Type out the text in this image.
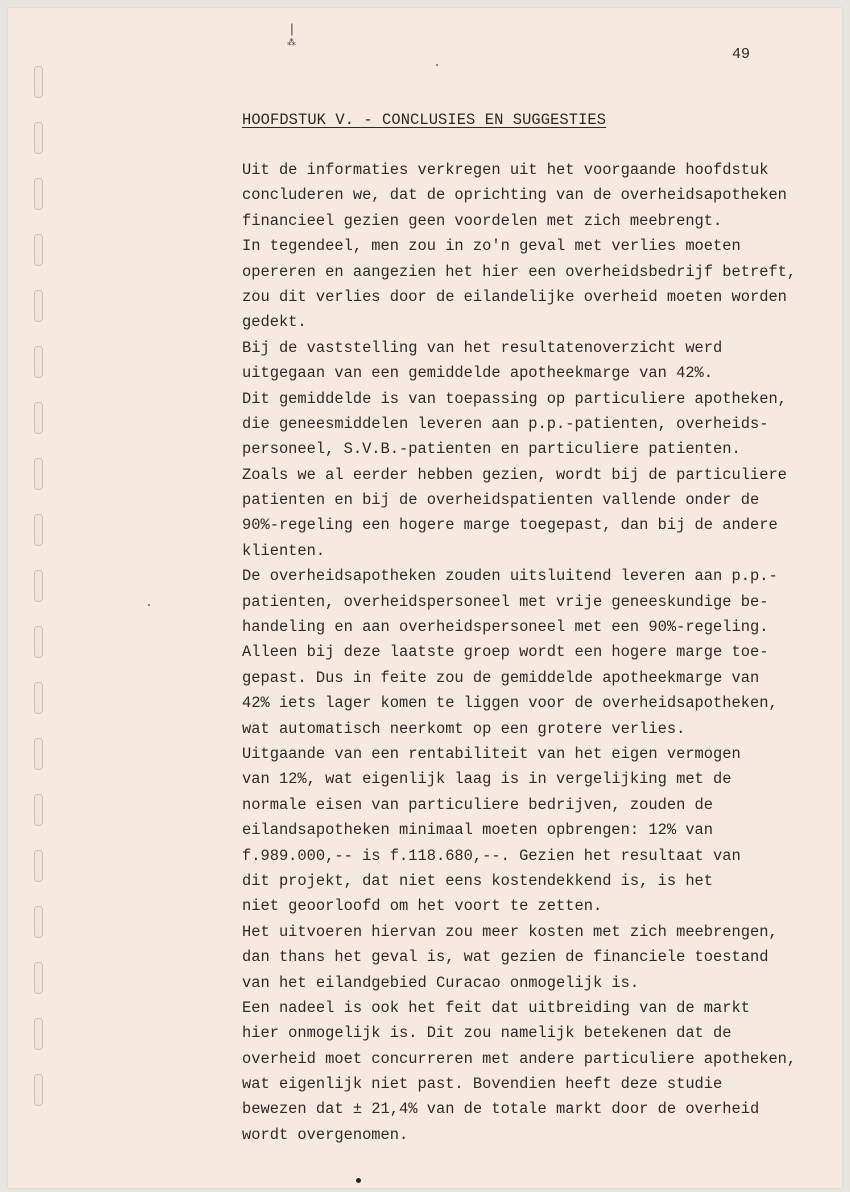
|
⁂
49
HOOFDSTUK V. - CONCLUSIES EN SUGGESTIES
Uit de informaties verkregen uit het voorgaande hoofdstuk
concluderen we, dat de oprichting van de overheidsapotheken
financieel gezien geen voordelen met zich meebrengt.
In tegendeel, men zou in zo'n geval met verlies moeten
opereren en aangezien het hier een overheidsbedrijf betreft,
zou dit verlies door de eilandelijke overheid moeten worden
gedekt.
Bij de vaststelling van het resultatenoverzicht werd
uitgegaan van een gemiddelde apotheekmarge van 42%.
Dit gemiddelde is van toepassing op particuliere apotheken,
die geneesmiddelen leveren aan p.p.-patienten, overheids-
personeel, S.V.B.-patienten en particuliere patienten.
Zoals we al eerder hebben gezien, wordt bij de particuliere
patienten en bij de overheidspatienten vallende onder de
90%-regeling een hogere marge toegepast, dan bij de andere
klienten.
De overheidsapotheken zouden uitsluitend leveren aan p.p.-
patienten, overheidspersoneel met vrije geneeskundige be-
handeling en aan overheidspersoneel met een 90%-regeling.
Alleen bij deze laatste groep wordt een hogere marge toe-
gepast. Dus in feite zou de gemiddelde apotheekmarge van
42% iets lager komen te liggen voor de overheidsapotheken,
wat automatisch neerkomt op een grotere verlies.
Uitgaande van een rentabiliteit van het eigen vermogen
van 12%, wat eigenlijk laag is in vergelijking met de
normale eisen van particuliere bedrijven, zouden de
eilandsapotheken minimaal moeten opbrengen: 12% van
f.989.000,-- is f.118.680,--. Gezien het resultaat van
dit projekt, dat niet eens kostendekkend is, is het
niet geoorloofd om het voort te zetten.
Het uitvoeren hiervan zou meer kosten met zich meebrengen,
dan thans het geval is, wat gezien de financiele toestand
van het eilandgebied Curacao onmogelijk is.
Een nadeel is ook het feit dat uitbreiding van de markt
hier onmogelijk is. Dit zou namelijk betekenen dat de
overheid moet concurreren met andere particuliere apotheken,
wat eigenlijk niet past. Bovendien heeft deze studie
bewezen dat ± 21,4% van de totale markt door de overheid
wordt overgenomen.
